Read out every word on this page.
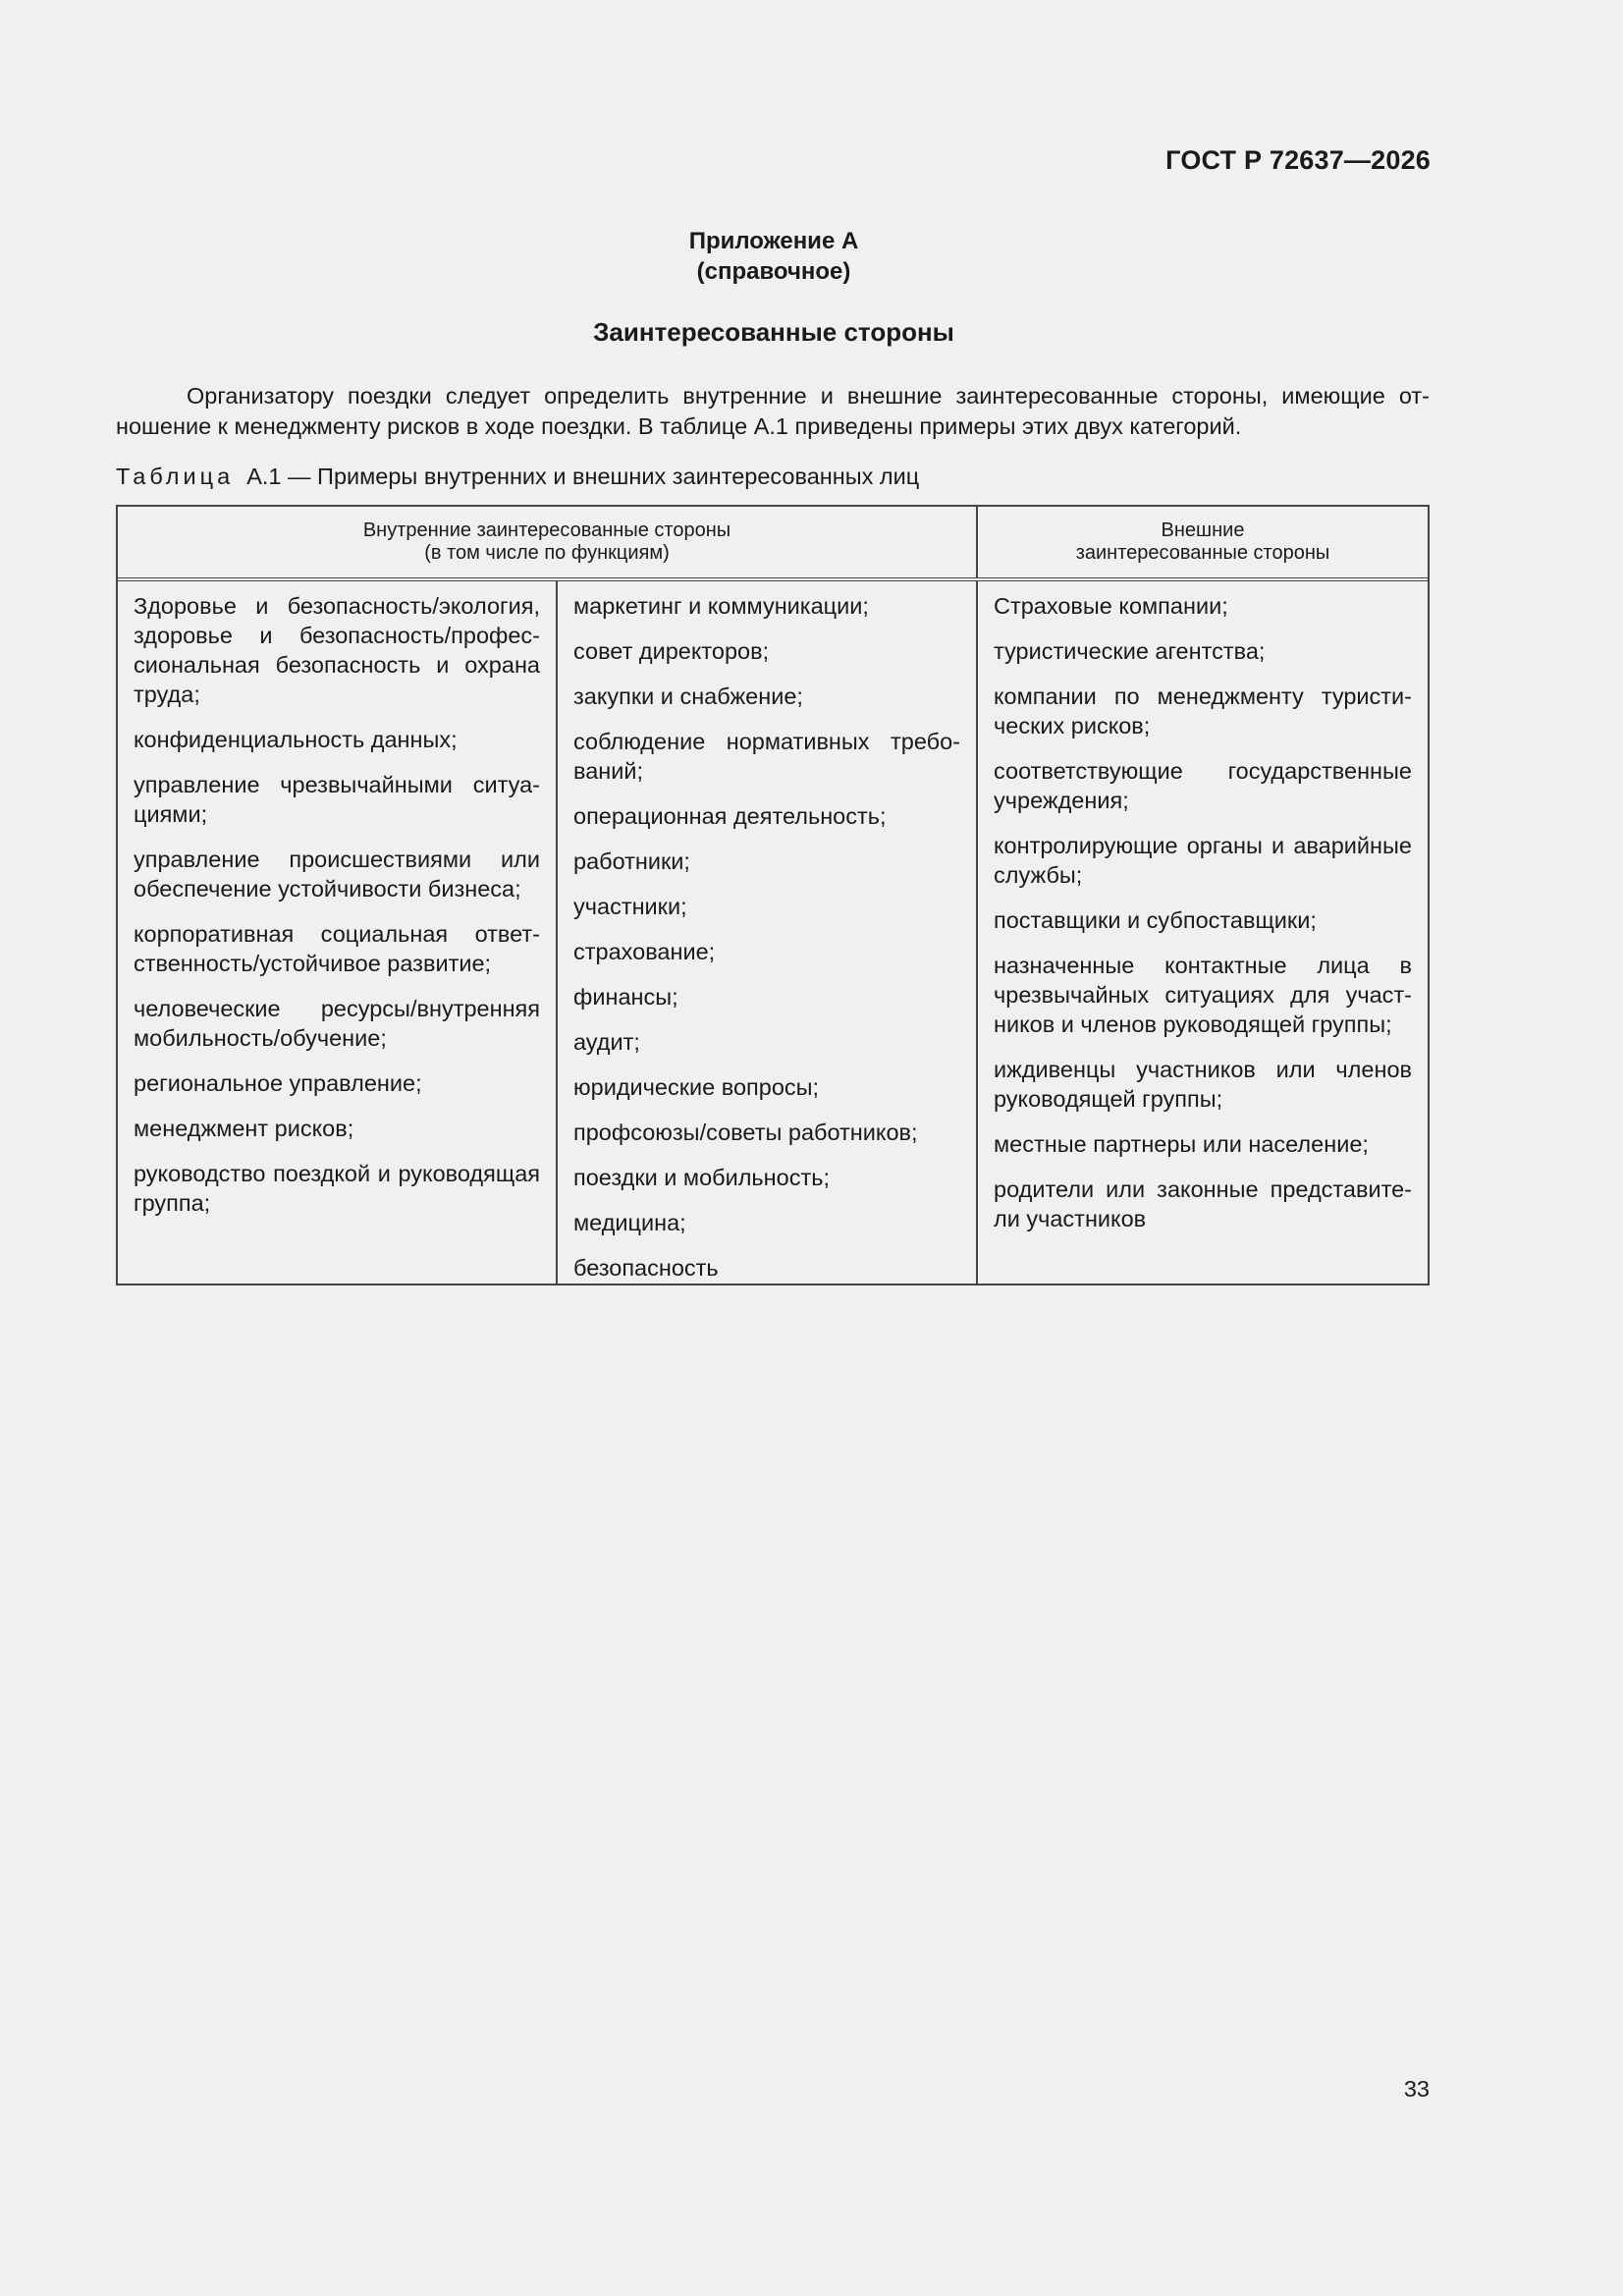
ГОСТ Р 72637—2026
Приложение А
(справочное)
Заинтересованные стороны

Организатору поездки следует определить внутренние и внешние заинтересованные стороны, имеющие отношение к менеджменту рисков в ходе поездки. В таблице А.1 приведены примеры этих двух категорий.

Таблица А.1 — Примеры внутренних и внешних заинтересованных лиц
Внутренние заинтересованные стороны
(в том числе по функциям)
Внешние
заинтересованные стороны
Здоровье и безопасность/экология, здоровье и безопасность/профессиональная безопасность и охрана труда;
конфиденциальность данных;
управление чрезвычайными ситуациями;
управление происшествиями или обеспечение устойчивости бизнеса;
корпоративная социальная ответственность/устойчивое развитие;
человеческие ресурсы/внутренняя мобильность/обучение;
региональное управление;
менеджмент рисков;
руководство поездкой и руководящая группа;
маркетинг и коммуникации;
совет директоров;
закупки и снабжение;
соблюдение нормативных требований;
операционная деятельность;
работники;
участники;
страхование;
финансы;
аудит;
юридические вопросы;
профсоюзы/советы работников;
поездки и мобильность;
медицина;
безопасность
Страховые компании;
туристические агентства;
компании по менеджменту туристических рисков;
соответствующие государственные учреждения;
контролирующие органы и аварийные службы;
поставщики и субпоставщики;
назначенные контактные лица в чрезвычайных ситуациях для участников и членов руководящей группы;
иждивенцы участников или членов руководящей группы;
местные партнеры или население;
родители или законные представители участников
33
